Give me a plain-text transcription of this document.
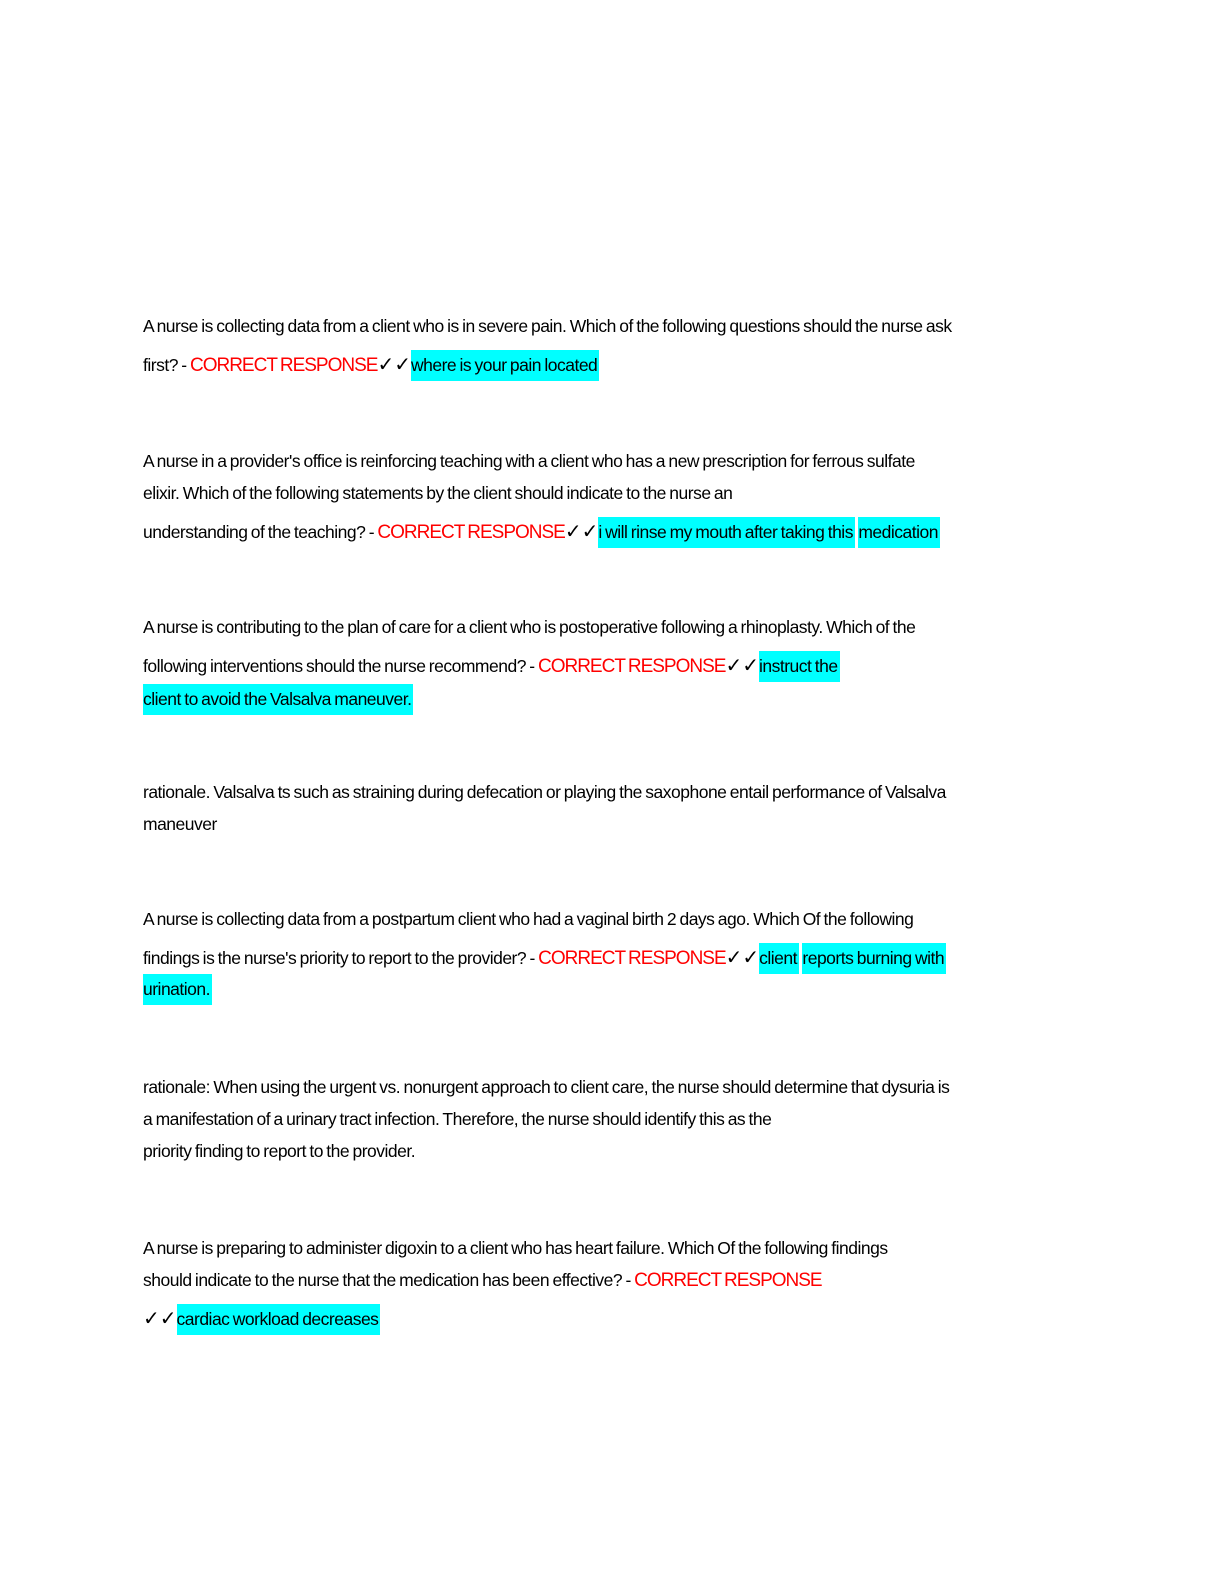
A nurse is collecting data from a client who is in severe pain. Which of the following questions should the nurse ask
first? - CORRECT RESPONSE✓✓where is your pain located
A nurse in a provider's office is reinforcing teaching with a client who has a new prescription for ferrous sulfate
elixir. Which of the following statements by the client should indicate to the nurse an
understanding of the teaching? - CORRECT RESPONSE✓✓i will rinse my mouth after taking this medication
A nurse is contributing to the plan of care for a client who is postoperative following a rhinoplasty. Which of the
following interventions should the nurse recommend? - CORRECT RESPONSE✓✓instruct the
client to avoid the Valsalva maneuver.
rationale. Valsalva ts such as straining during defecation or playing the saxophone entail performance of Valsalva
maneuver
A nurse is collecting data from a postpartum client who had a vaginal birth 2 days ago. Which Of the following
findings is the nurse's priority to report to the provider? - CORRECT RESPONSE✓✓client reports burning with
urination.
rationale: When using the urgent vs. nonurgent approach to client care, the nurse should determine that dysuria is
a manifestation of a urinary tract infection. Therefore, the nurse should identify this as the
priority finding to report to the provider.
A nurse is preparing to administer digoxin to a client who has heart failure. Which Of the following findings
should indicate to the nurse that the medication has been effective? - CORRECT RESPONSE
✓✓cardiac workload decreases
